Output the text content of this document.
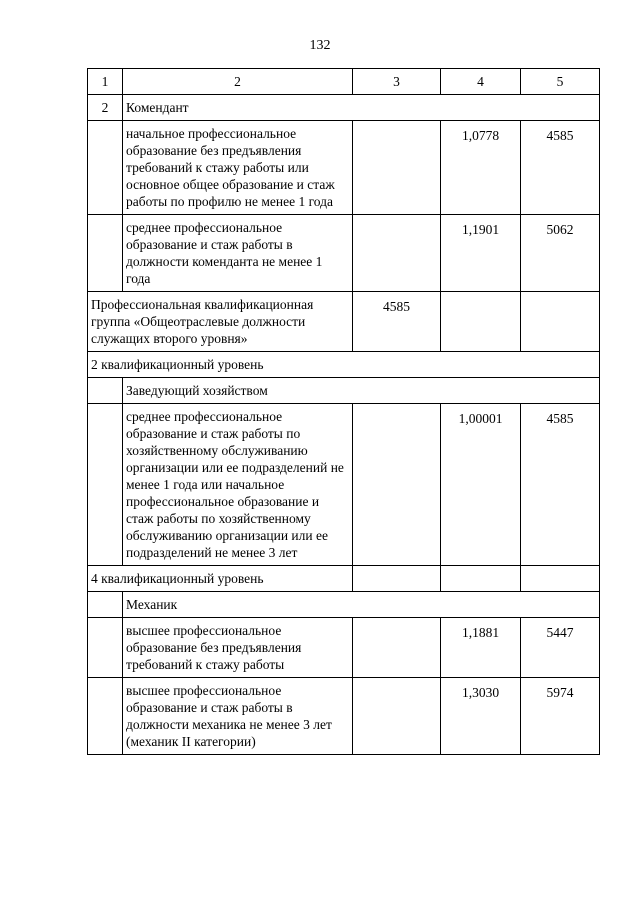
132
1	2	3	4	5
2	Комендант			
	начальное профессиональное образование без предъявления требований к стажу работы или основное общее образование и стаж работы по профилю не менее 1 года		1,0778	4585
	среднее профессиональное образование и стаж работы в должности коменданта не менее 1 года		1,1901	5062
Профессиональная квалификационная группа «Общеотраслевые должности служащих второго уровня»		4585		
2 квалификационный уровень				
	Заведующий хозяйством			
	среднее профессиональное образование и стаж работы по хозяйственному обслуживанию организации или ее подразделений не менее 1 года или начальное профессиональное образование и стаж работы по хозяйственному обслуживанию организации или ее подразделений не менее 3 лет		1,00001	4585
4 квалификационный уровень				
	Механик			
	высшее профессиональное образование без предъявления требований к стажу работы		1,1881	5447
	высшее профессиональное образование и стаж работы в должности механика не менее 3 лет (механик II категории)		1,3030	5974
